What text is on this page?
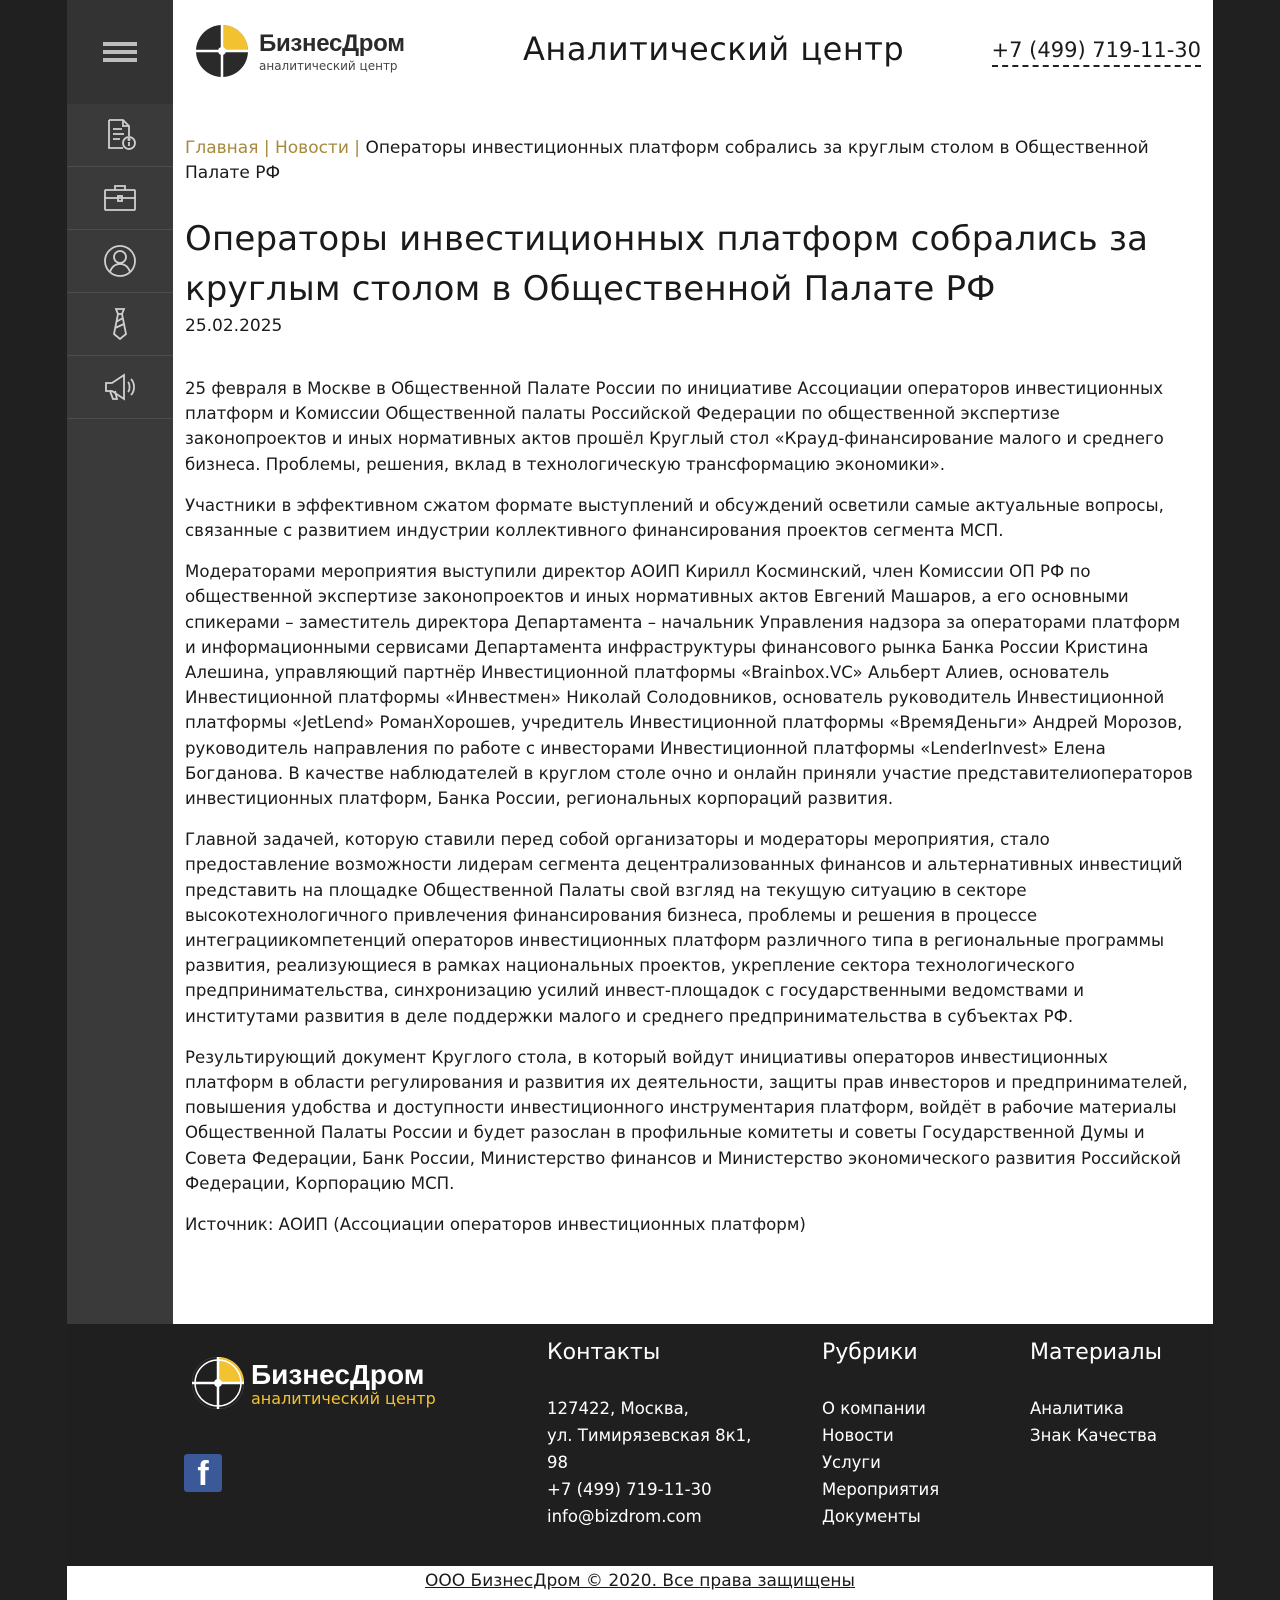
БизнесДром
аналитический центр	Аналитический центр	+7 (499) 719-11-30
Главная | Новости | Операторы инвестиционных платформ собрались за круглым столом в Общественной Палате РФ
Операторы инвестиционных платформ собрались за круглым столом в Общественной Палате РФ
25.02.2025

25 февраля в Москве в Общественной Палате России по инициативе Ассоциации операторов инвестиционных платформ и Комиссии Общественной палаты Российской Федерации по общественной экспертизе законопроектов и иных нормативных актов прошёл Круглый стол «Крауд-финансирование малого и среднего бизнеса. Проблемы, решения, вклад в технологическую трансформацию экономики».

Участники в эффективном сжатом формате выступлений и обсуждений осветили самые актуальные вопросы, связанные с развитием индустрии коллективного финансирования проектов сегмента МСП.

Модераторами мероприятия выступили директор АОИП Кирилл Косминский, член Комиссии ОП РФ по общественной экспертизе законопроектов и иных нормативных актов Евгений Машаров, а его основными спикерами – заместитель директора Департамента – начальник Управления надзора за операторами платформ и информационными сервисами Департамента инфраструктуры финансового рынка Банка России Кристина Алешина, управляющий партнёр Инвестиционной платформы «Brainbox.VC» Альберт Алиев, основатель Инвестиционной платформы «Инвестмен» Николай Солодовников, основатель руководитель Инвестиционной платформы «JetLend» РоманХорошев, учредитель Инвестиционной платформы «ВремяДеньги» Андрей Морозов, руководитель направления по работе с инвесторами Инвестиционной платформы «LenderInvest» Елена Богданова. В качестве наблюдателей в круглом столе очно и онлайн приняли участие представителиоператоров инвестиционных платформ, Банка России, региональных корпораций развития.

Главной задачей, которую ставили перед собой организаторы и модераторы мероприятия, стало предоставление возможности лидерам сегмента децентрализованных финансов и альтернативных инвестиций представить на площадке Общественной Палаты свой взгляд на текущую ситуацию в секторе высокотехнологичного привлечения финансирования бизнеса, проблемы и решения в процессе интеграциикомпетенций операторов инвестиционных платформ различного типа в региональные программы развития, реализующиеся в рамках национальных проектов, укрепление сектора технологического предпринимательства, синхронизацию усилий инвест-площадок с государственными ведомствами и институтами развития в деле поддержки малого и среднего предпринимательства в субъектах РФ.

Результирующий документ Круглого стола, в который войдут инициативы операторов инвестиционных платформ в области регулирования и развития их деятельности, защиты прав инвесторов и предпринимателей, повышения удобства и доступности инвестиционного инструментария платформ, войдёт в рабочие материалы Общественной Палаты России и будет разослан в профильные комитеты и советы Государственной Думы и Совета Федерации, Банк России, Министерство финансов и Министерство экономического развития Российской Федерации, Корпорацию МСП.

Источник: АОИП (Ассоциации операторов инвестиционных платформ)

БизнесДром
аналитический центр
f
Контакты
127422, Москва,
ул. Тимирязевская 8к1,
98
+7 (499) 719-11-30
info@bizdrom.com
Рубрики
О компании
Новости
Услуги
Мероприятия
Документы
Материалы
Аналитика
Знак Качества
ООО БизнесДром © 2020. Все права защищены
